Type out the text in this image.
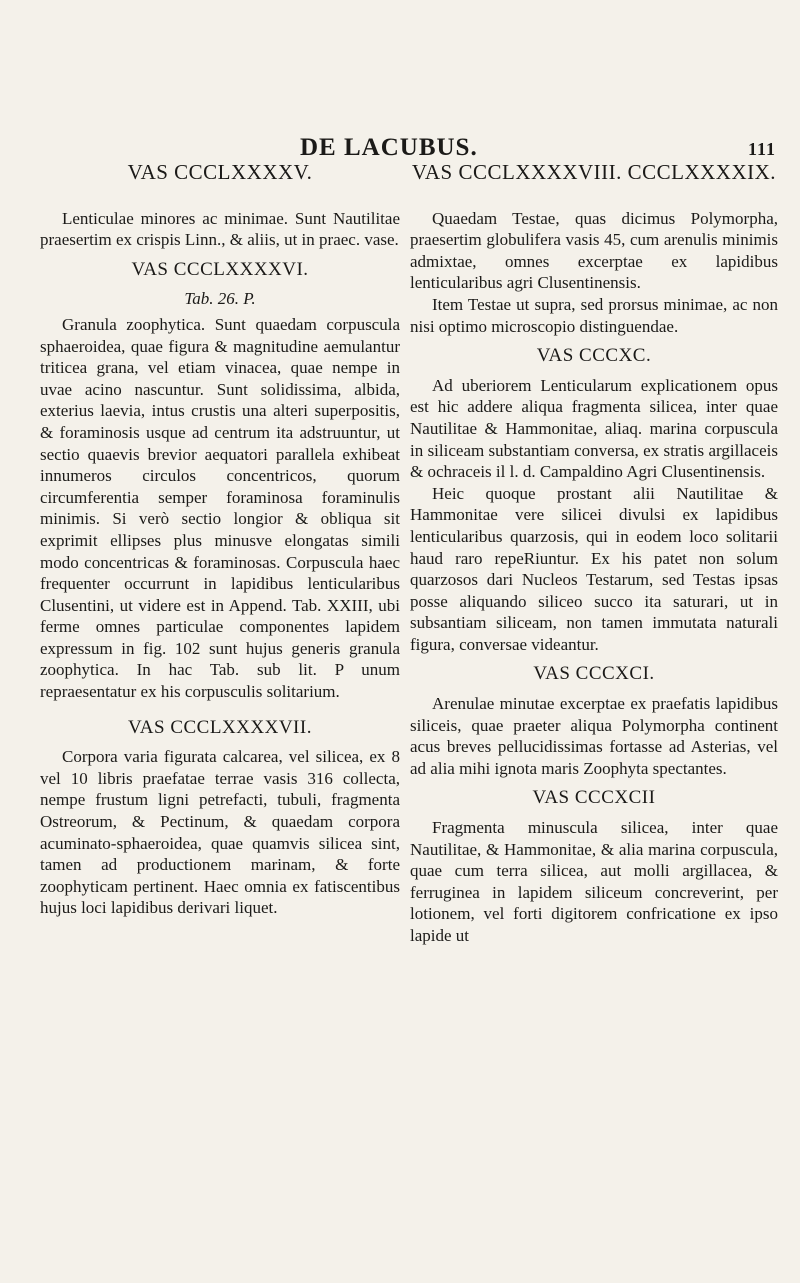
DE LACUBUS.	111
VAS CCCLXXXXV.

Lenticulae minores ac minimae. Sunt Nautilitae praesertim ex crispis Linn., & aliis, ut in praec. vase.

VAS CCCLXXXXVI.
Tab. 26. P.

Granula zoophytica. Sunt quaedam corpuscula sphaeroidea, quae figura & magnitudine aemulantur triticea grana, vel etiam vinacea, quae nempe in uvae acino nascuntur. Sunt solidissima, albida, exterius laevia, intus crustis una alteri superpositis, & foraminosis usque ad centrum ita adstruuntur, ut sectio quaevis brevior aequatori parallela exhibeat innumeros circulos concentricos, quorum circumferentia semper foraminosa foraminulis minimis. Si verò sectio longior & obliqua sit exprimit ellipses plus minusve elongatas simili modo concentricas & foraminosas. Corpuscula haec frequenter occurrunt in lapidibus lenticularibus Clusentini, ut videre est in Append. Tab. XXIII, ubi ferme omnes particulae componentes lapidem expressum in fig. 102 sunt hujus generis granula zoophytica. In hac Tab. sub lit. P unum repraesentatur ex his corpusculis solitarium.

VAS CCCLXXXXVII.

Corpora varia figurata calcarea, vel silicea, ex 8 vel 10 libris praefatae terrae vasis 316 collecta, nempe frustum ligni petrefacti, tubuli, fragmenta Ostreorum, & Pectinum, & quaedam corpora acuminato-sphaeroidea, quae quamvis silicea sint, tamen ad productionem marinam, & forte zoophyticam pertinent. Haec omnia ex fatiscentibus hujus loci lapidibus derivari liquet.

VAS CCCLXXXXVIII. CCCLXXXXIX.

Quaedam Testae, quas dicimus Polymorpha, praesertim globulifera vasis 45, cum arenulis minimis admixtae, omnes excerptae ex lapidibus lenticularibus agri Clusentinensis.

Item Testae ut supra, sed prorsus minimae, ac non nisi optimo microscopio distinguendae.

VAS CCCXC.

Ad uberiorem Lenticularum explicationem opus est hic addere aliqua fragmenta silicea, inter quae Nautilitae & Hammonitae, aliaq. marina corpuscula in siliceam substantiam conversa, ex stratis argillaceis & ochraceis il l. d. Campaldino Agri Clusentinensis.

Heic quoque prostant alii Nautilitae & Hammonitae vere silicei divulsi ex lapidibus lenticularibus quarzosis, qui in eodem loco solitarii haud raro repeRiuntur. Ex his patet non solum quarzosos dari Nucleos Testarum, sed Testas ipsas posse aliquando siliceo succo ita saturari, ut in subsantiam siliceam, non tamen immutata naturali figura, conversae videantur.

VAS CCCXCI.

Arenulae minutae excerptae ex praefatis lapidibus siliceis, quae praeter aliqua Polymorpha continent acus breves pellucidissimas fortasse ad Asterias, vel ad alia mihi ignota maris Zoophyta spectantes.

VAS CCCXCII

Fragmenta minuscula silicea, inter quae Nautilitae, & Hammonitae, & alia marina corpuscula, quae cum terra silicea, aut molli argillacea, & ferruginea in lapidem siliceum concreverint, per lotionem, vel forti digitorem confricatione ex ipso lapide ut
